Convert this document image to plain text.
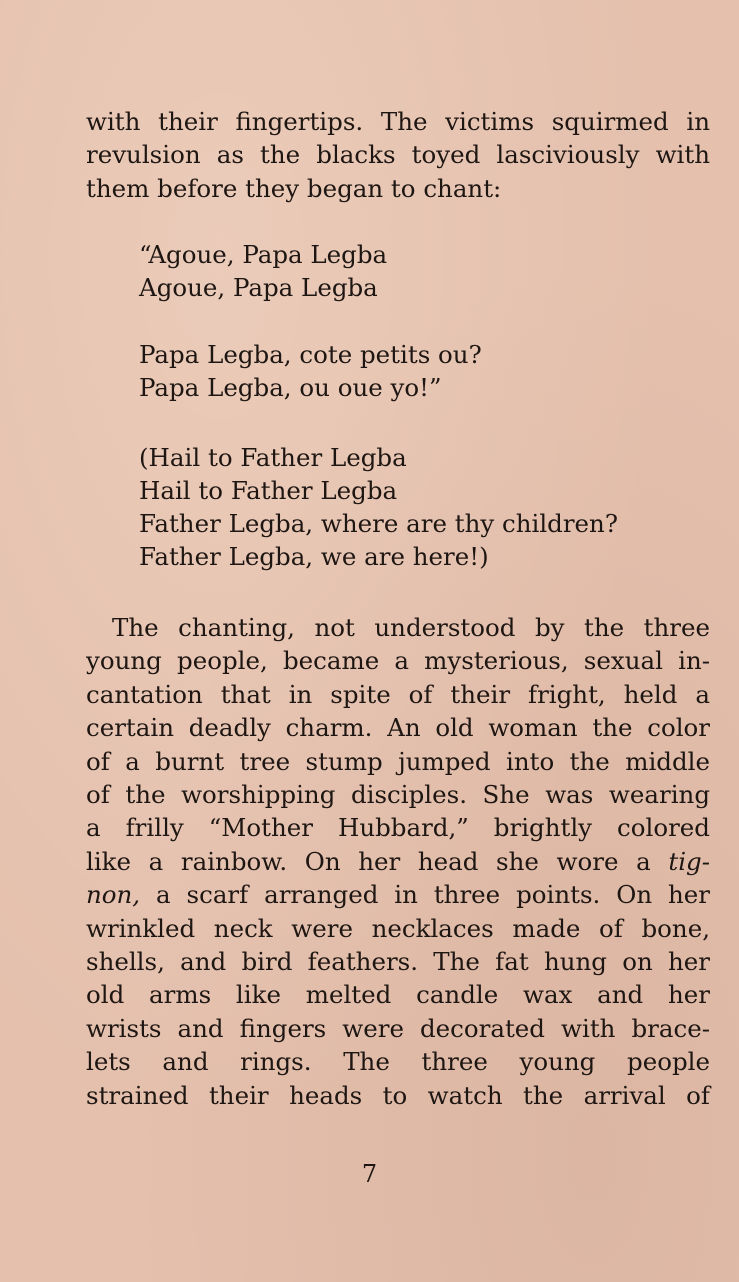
with their fingertips. The victims squirmed in
revulsion as the blacks toyed lasciviously with
them before they began to chant:
“Agoue, Papa Legba
Agoue, Papa Legba
Papa Legba, cote petits ou?
Papa Legba, ou oue yo!”
(Hail to Father Legba
Hail to Father Legba
Father Legba, where are thy children?
Father Legba, we are here!)
The chanting, not understood by the three
young people, became a mysterious, sexual in-
cantation that in spite of their fright, held a
certain deadly charm. An old woman the color
of a burnt tree stump jumped into the middle
of the worshipping disciples. She was wearing
a frilly “Mother Hubbard,” brightly colored
like a rainbow. On her head she wore a tig-
non, a scarf arranged in three points. On her
wrinkled neck were necklaces made of bone,
shells, and bird feathers. The fat hung on her
old arms like melted candle wax and her
wrists and fingers were decorated with brace-
lets and rings. The three young people
strained their heads to watch the arrival of
7
